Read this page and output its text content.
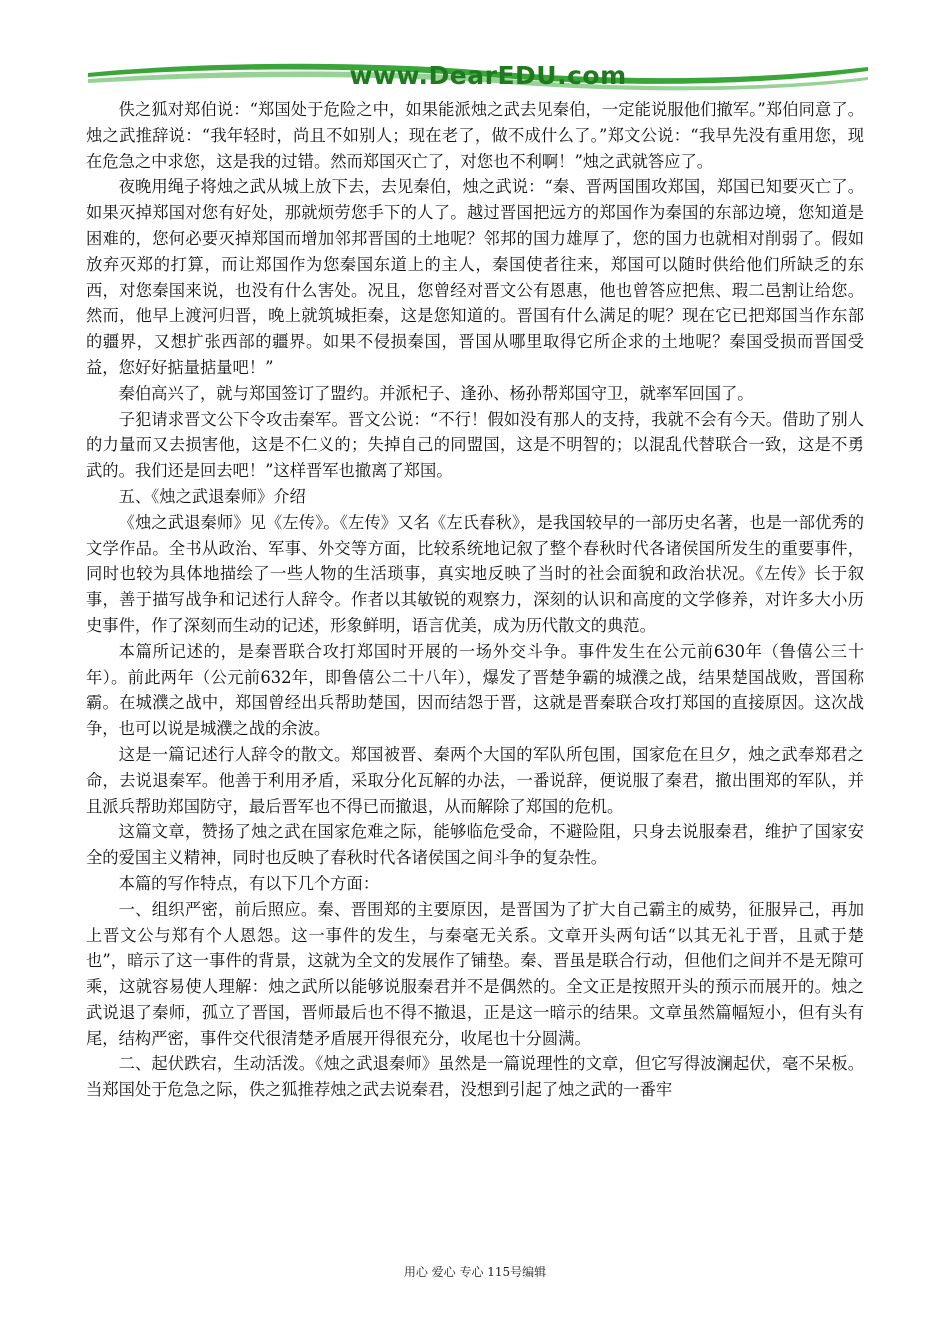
www.DearEDU.com

佚之狐对郑伯说：“郑国处于危险之中，如果能派烛之武去见秦伯，一定能说服他们撤军。”郑伯同意了。烛之武推辞说：“我年轻时，尚且不如别人；现在老了，做不成什么了。”郑文公说：“我早先没有重用您，现在危急之中求您，这是我的过错。然而郑国灭亡了，对您也不利啊！”烛之武就答应了。

夜晚用绳子将烛之武从城上放下去，去见秦伯，烛之武说：“秦、晋两国围攻郑国，郑国已知要灭亡了。如果灭掉郑国对您有好处，那就烦劳您手下的人了。越过晋国把远方的郑国作为秦国的东部边境，您知道是困难的，您何必要灭掉郑国而增加邻邦晋国的土地呢？邻邦的国力雄厚了，您的国力也就相对削弱了。假如放弃灭郑的打算，而让郑国作为您秦国东道上的主人，秦国使者往来，郑国可以随时供给他们所缺乏的东西，对您秦国来说，也没有什么害处。况且，您曾经对晋文公有恩惠，他也曾答应把焦、瑕二邑割让给您。然而，他早上渡河归晋，晚上就筑城拒秦，这是您知道的。晋国有什么满足的呢？现在它已把郑国当作东部的疆界，又想扩张西部的疆界。如果不侵损秦国，晋国从哪里取得它所企求的土地呢？秦国受损而晋国受益，您好好掂量掂量吧！”

秦伯高兴了，就与郑国签订了盟约。并派杞子、逢孙、杨孙帮郑国守卫，就率军回国了。

子犯请求晋文公下令攻击秦军。晋文公说：“不行！假如没有那人的支持，我就不会有今天。借助了别人的力量而又去损害他，这是不仁义的；失掉自己的同盟国，这是不明智的；以混乱代替联合一致，这是不勇武的。我们还是回去吧！”这样晋军也撤离了郑国。

五、《烛之武退秦师》介绍

《烛之武退秦师》见《左传》。《左传》又名《左氏春秋》，是我国较早的一部历史名著，也是一部优秀的文学作品。全书从政治、军事、外交等方面，比较系统地记叙了整个春秋时代各诸侯国所发生的重要事件，同时也较为具体地描绘了一些人物的生活琐事，真实地反映了当时的社会面貌和政治状况。《左传》长于叙事，善于描写战争和记述行人辞令。作者以其敏锐的观察力，深刻的认识和高度的文学修养，对许多大小历史事件，作了深刻而生动的记述，形象鲜明，语言优美，成为历代散文的典范。

本篇所记述的，是秦晋联合攻打郑国时开展的一场外交斗争。事件发生在公元前630年（鲁僖公三十年）。前此两年（公元前632年，即鲁僖公二十八年），爆发了晋楚争霸的城濮之战，结果楚国战败，晋国称霸。在城濮之战中，郑国曾经出兵帮助楚国，因而结怨于晋，这就是晋秦联合攻打郑国的直接原因。这次战争，也可以说是城濮之战的余波。

这是一篇记述行人辞令的散文。郑国被晋、秦两个大国的军队所包围，国家危在旦夕，烛之武奉郑君之命，去说退秦军。他善于利用矛盾，采取分化瓦解的办法，一番说辞，便说服了秦君，撤出围郑的军队，并且派兵帮助郑国防守，最后晋军也不得已而撤退，从而解除了郑国的危机。

这篇文章，赞扬了烛之武在国家危难之际，能够临危受命，不避险阻，只身去说服秦君，维护了国家安全的爱国主义精神，同时也反映了春秋时代各诸侯国之间斗争的复杂性。

本篇的写作特点，有以下几个方面：

一、组织严密，前后照应。秦、晋围郑的主要原因，是晋国为了扩大自己霸主的威势，征服异己，再加上晋文公与郑有个人恩怨。这一事件的发生，与秦毫无关系。文章开头两句话“以其无礼于晋，且贰于楚也”，暗示了这一事件的背景，这就为全文的发展作了铺垫。秦、晋虽是联合行动，但他们之间并不是无隙可乘，这就容易使人理解：烛之武所以能够说服秦君并不是偶然的。全文正是按照开头的预示而展开的。烛之武说退了秦师，孤立了晋国，晋师最后也不得不撤退，正是这一暗示的结果。文章虽然篇幅短小，但有头有尾，结构严密，事件交代很清楚矛盾展开得很充分，收尾也十分圆满。

二、起伏跌宕，生动活泼。《烛之武退秦师》虽然是一篇说理性的文章，但它写得波澜起伏，毫不呆板。当郑国处于危急之际，佚之狐推荐烛之武去说秦君，没想到引起了烛之武的一番牢

用心 爱心 专心 115号编辑
